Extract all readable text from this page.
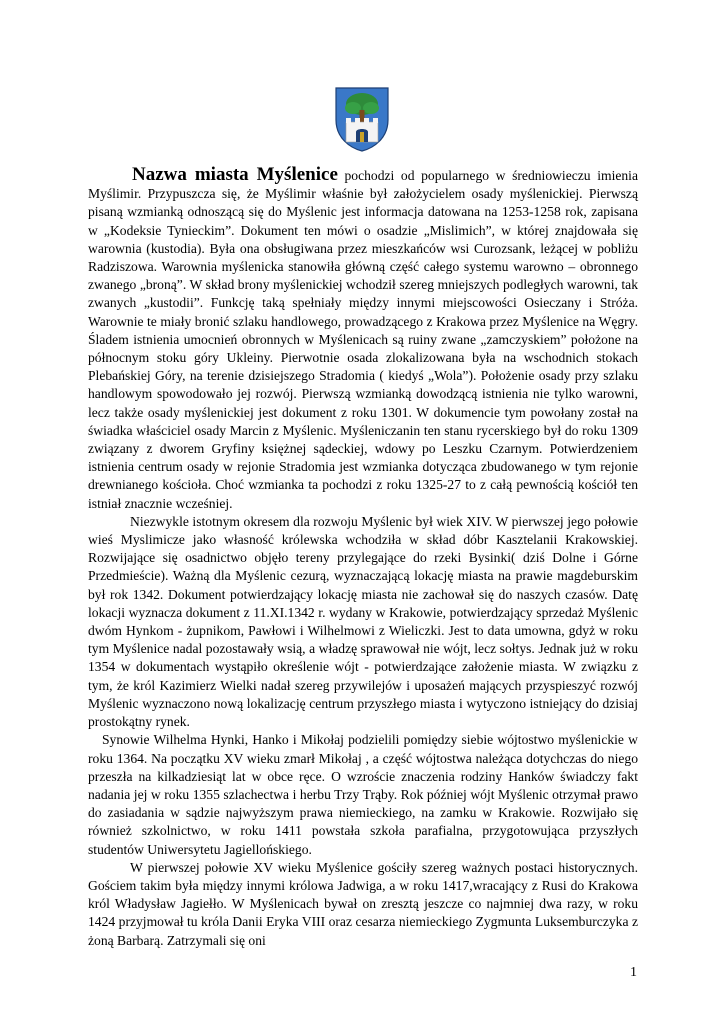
Nazwa miasta Myślenice pochodzi od popularnego w średniowieczu imienia Myślimir. Przypuszcza się, że Myślimir właśnie był założycielem osady myślenickiej. Pierwszą pisaną wzmianką odnoszącą się do Myślenic jest informacja datowana na 1253-1258 rok, zapisana w „Kodeksie Tynieckim”. Dokument ten mówi o osadzie „Mislimich”, w której znajdowała się warownia (kustodia). Była ona obsługiwana przez mieszkańców wsi Curozsank, leżącej w pobliżu Radziszowa. Warownia myślenicka stanowiła główną część całego systemu warowno – obronnego zwanego „broną”. W skład brony myślenickiej wchodził szereg mniejszych podległych warowni, tak zwanych „kustodii”. Funkcję taką spełniały między innymi miejscowości Osieczany i Stróża. Warownie te miały bronić szlaku handlowego, prowadzącego z Krakowa przez Myślenice na Węgry. Śladem istnienia umocnień obronnych w Myślenicach są ruiny zwane „zamczyskiem” położone na północnym stoku góry Ukleiny. Pierwotnie osada zlokalizowana była na wschodnich stokach Plebańskiej Góry, na terenie dzisiejszego Stradomia ( kiedyś „Wola”). Położenie osady przy szlaku handlowym spowodowało jej rozwój. Pierwszą wzmianką dowodzącą istnienia nie tylko warowni, lecz także osady myślenickiej jest dokument z roku 1301. W dokumencie tym powołany został na świadka właściciel osady Marcin z Myślenic. Myśleniczanin ten stanu rycerskiego był do roku 1309 związany z dworem Gryfiny księżnej sądeckiej, wdowy po Leszku Czarnym. Potwierdzeniem istnienia centrum osady w rejonie Stradomia jest wzmianka dotycząca zbudowanego w tym rejonie drewnianego kościoła. Choć wzmianka ta pochodzi z roku 1325-27 to z całą pewnością kościół ten istniał znacznie wcześniej.

Niezwykle istotnym okresem dla rozwoju Myślenic był wiek XIV. W pierwszej jego połowie wieś Myslimicze jako własność królewska wchodziła w skład dóbr Kasztelanii Krakowskiej. Rozwijające się osadnictwo objęło tereny przylegające do rzeki Bysinki( dziś Dolne i Górne Przedmieście). Ważną dla Myślenic cezurą, wyznaczającą lokację miasta na prawie magdeburskim był rok 1342. Dokument potwierdzający lokację miasta nie zachował się do naszych czasów. Datę lokacji wyznacza dokument z 11.XI.1342 r. wydany w Krakowie, potwierdzający sprzedaż Myślenic dwóm Hynkom - żupnikom, Pawłowi i Wilhelmowi z Wieliczki. Jest to data umowna, gdyż w roku tym Myślenice nadal pozostawały wsią, a władzę sprawował nie wójt, lecz sołtys. Jednak już w roku 1354 w dokumentach wystąpiło określenie wójt - potwierdzające założenie miasta. W związku z tym, że król Kazimierz Wielki nadał szereg przywilejów i uposażeń mających przyspieszyć rozwój Myślenic wyznaczono nową lokalizację centrum przyszłego miasta i wytyczono istniejący do dzisiaj prostokątny rynek.

Synowie Wilhelma Hynki, Hanko i Mikołaj podzielili pomiędzy siebie wójtostwo myślenickie w roku 1364. Na początku XV wieku zmarł Mikołaj , a część wójtostwa należąca dotychczas do niego przeszła na kilkadziesiąt lat w obce ręce. O wzroście znaczenia rodziny Hanków świadczy fakt nadania jej w roku 1355 szlachectwa i herbu Trzy Trąby. Rok później wójt Myślenic otrzymał prawo do zasiadania w sądzie najwyższym prawa niemieckiego, na zamku w Krakowie. Rozwijało się również szkolnictwo, w roku 1411 powstała szkoła parafialna, przygotowująca przyszłych studentów Uniwersytetu Jagiellońskiego.

W pierwszej połowie XV wieku Myślenice gościły szereg ważnych postaci historycznych. Gościem takim była między innymi królowa Jadwiga, a w roku 1417,wracający z Rusi do Krakowa król Władysław Jagiełło. W Myślenicach bywał on zresztą jeszcze co najmniej dwa razy, w roku 1424 przyjmował tu króla Danii Eryka VIII oraz cesarza niemieckiego Zygmunta Luksemburczyka z żoną Barbarą. Zatrzymali się oni

1
